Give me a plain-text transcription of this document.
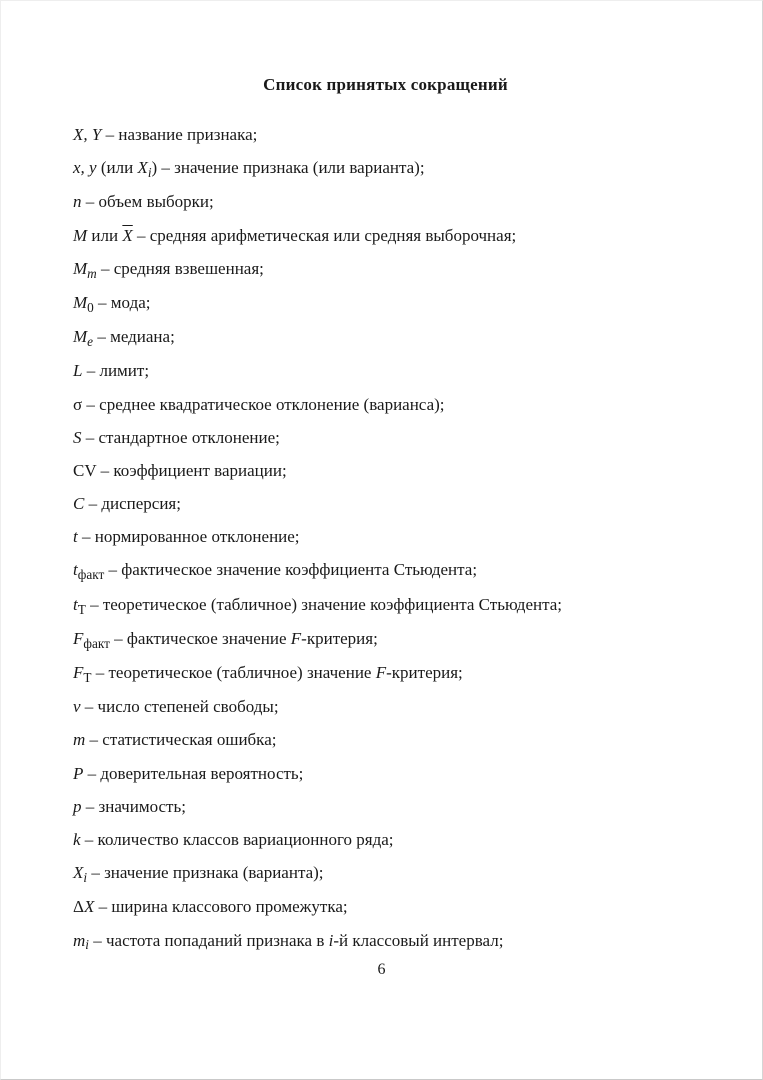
Список принятых сокращений

X, Y – название признака;

x, y (или $X_i$) – значение признака (или варианта);

n – объем выборки;

M или $\overline{X}$ – средняя арифметическая или средняя выборочная;

$M_m$ – средняя взвешенная;

$M_0$ – мода;

$M_e$ – медиана;

L – лимит;

σ – среднее квадратическое отклонение (варианса);

S – стандартное отклонение;

CV – коэффициент вариации;

C – дисперсия;

t – нормированное отклонение;

$t_{факт}$ – фактическое значение коэффициента Стьюдента;

$t_Т$ – теоретическое (табличное) значение коэффициента Стьюдента;

$F_{факт}$ – фактическое значение F-критерия;

$F_Т$ – теоретическое (табличное) значение F-критерия;

v – число степеней свободы;

m – статистическая ошибка;

P – доверительная вероятность;

p – значимость;

k – количество классов вариационного ряда;

$X_i$ – значение признака (варианта);

ΔX – ширина классового промежутка;

$m_i$ – частота попаданий признака в i-й классовый интервал;

6
